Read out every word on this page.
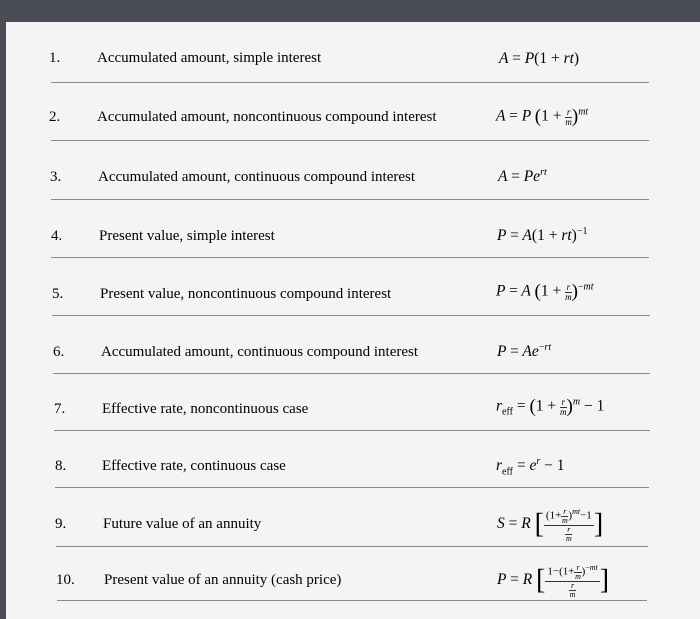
1. Accumulated amount, simple interest	A = P(1 + rt)
2. Accumulated amount, noncontinuous compound interest	A = P $(1 + \frac{r}{m} )^{mt}$
3. Accumulated amount, continuous compound interest	$A = Pe^{rt}$
4. Present value, simple interest	P = A(1 + rt)$^{-1}$
5. Present value, noncontinuous compound interest	P = A $(1 + \frac{r}{m} )^{-mt}$
6. Accumulated amount, continuous compound interest	$P = Ae^{-rt}$
7. Effective rate, noncontinuous case	$r_{eff} = (1 + \frac{r}{m} )^m - 1$
8. Effective rate, continuous case	$r_{eff} = e^r - 1$
9. Future value of an annuity	S = R [ $\frac{(1+ \frac{r}{m} )^{mt}-1}{\frac{r}{m}}$ ]
10. Present value of an annuity (cash price)	P = R [ $\frac{1-(1+ \frac{r}{m} )^{-mt}}{\frac{r}{m}}$ ]
